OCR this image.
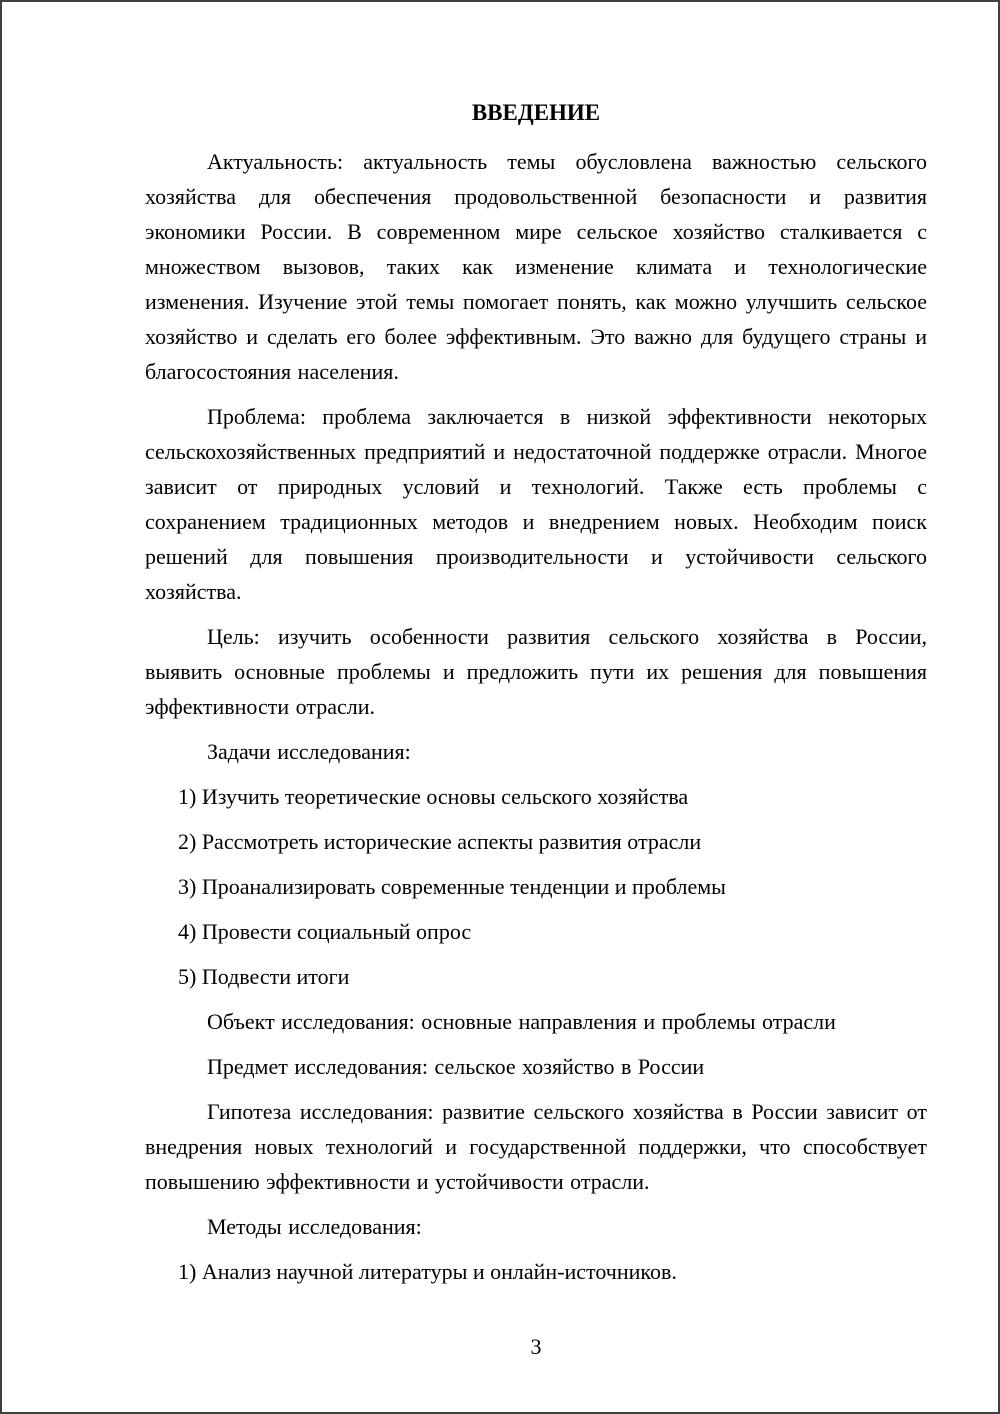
ВВЕДЕНИЕ

Актуальность: актуальность темы обусловлена важностью сельского хозяйства для обеспечения продовольственной безопасности и развития экономики России. В современном мире сельское хозяйство сталкивается с множеством вызовов, таких как изменение климата и технологические изменения. Изучение этой темы помогает понять, как можно улучшить сельское хозяйство и сделать его более эффективным. Это важно для будущего страны и благосостояния населения.

Проблема: проблема заключается в низкой эффективности некоторых сельскохозяйственных предприятий и недостаточной поддержке отрасли. Многое зависит от природных условий и технологий. Также есть проблемы с сохранением традиционных методов и внедрением новых. Необходим поиск решений для повышения производительности и устойчивости сельского хозяйства.

Цель: изучить особенности развития сельского хозяйства в России, выявить основные проблемы и предложить пути их решения для повышения эффективности отрасли.

Задачи исследования:

1) Изучить теоретические основы сельского хозяйства

2) Рассмотреть исторические аспекты развития отрасли

3) Проанализировать современные тенденции и проблемы

4) Провести социальный опрос

5) Подвести итоги

Объект исследования: основные направления и проблемы отрасли

Предмет исследования: сельское хозяйство в России

Гипотеза исследования: развитие сельского хозяйства в России зависит от внедрения новых технологий и государственной поддержки, что способствует повышению эффективности и устойчивости отрасли.

Методы исследования:

1) Анализ научной литературы и онлайн-источников.

3
